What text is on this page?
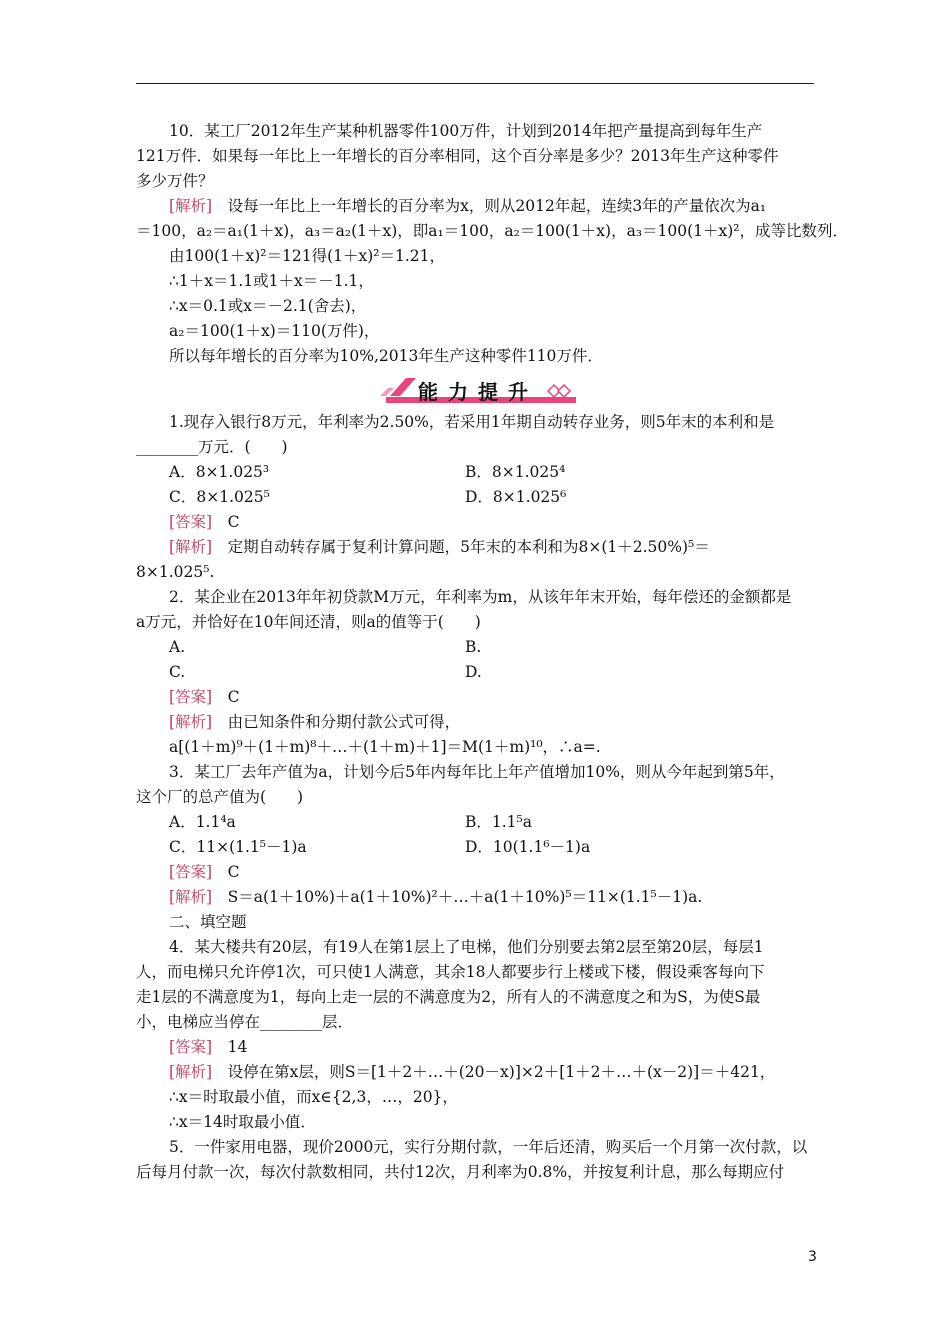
10．某工厂2012年生产某种机器零件100万件，计划到2014年把产量提高到每年生产
121万件．如果每一年比上一年增长的百分率相同，这个百分率是多少？2013年生产这种零件
多少万件？
[解析]　 设每一年比上一年增长的百分率为x，则从2012年起，连续3年的产量依次为a₁
＝100，a₂＝a₁(1＋x)，a₃＝a₂(1＋x)，即a₁＝100，a₂＝100(1＋x)，a₃＝100(1＋x)²，成等比数列．
由100(1＋x)²＝121得(1＋x)²＝1.21，
∴1＋x＝1.1或1＋x＝－1.1，
∴x＝0.1或x＝－2.1(舍去)，
a₂＝100(1＋x)＝110(万件)，
所以每年增长的百分率为10%,2013年生产这种零件110万件．
1.现存入银行8万元，年利率为2.50%，若采用1年期自动转存业务，则5年末的本利和是
________万元．(　　)
A．8×1.025³	B．8×1.025⁴
C．8×1.025⁵	D．8×1.025⁶
[答案]　 C
[解析]　 定期自动转存属于复利计算问题，5年末的本利和为8×(1＋2.50%)⁵＝
8×1.025⁵.
2．某企业在2013年年初贷款M万元，年利率为m，从该年年末开始，每年偿还的金额都是
a万元，并恰好在10年间还清，则a的值等于(　　)
A.	B.
C.	D.
[答案]　 C
[解析]　 由已知条件和分期付款公式可得，
a[(1＋m)⁹＋(1＋m)⁸＋…＋(1＋m)＋1]＝M(1＋m)¹⁰，∴a=.
3．某工厂去年产值为a，计划今后5年内每年比上年产值增加10%，则从今年起到第5年，
这个厂的总产值为(　　)
A．1.1⁴a	B．1.1⁵a
C．11×(1.1⁵－1)a	D．10(1.1⁶－1)a
[答案]　 C
[解析]　 S＝a(1＋10%)＋a(1＋10%)²＋…＋a(1＋10%)⁵＝11×(1.1⁵－1)a.
二、填空题
4．某大楼共有20层，有19人在第1层上了电梯，他们分别要去第2层至第20层，每层1
人，而电梯只允许停1次，可只使1人满意，其余18人都要步行上楼或下楼，假设乘客每向下
走1层的不满意度为1，每向上走一层的不满意度为2，所有人的不满意度之和为S，为使S最
小，电梯应当停在________层．
[答案]　 14
[解析]　 设停在第x层，则S＝[1＋2＋…＋(20－x)]×2＋[1＋2＋…＋(x－2)]＝＋421，
∴x＝时取最小值，而x∈{2,3，…，20}，
∴x＝14时取最小值．
5．一件家用电器，现价2000元，实行分期付款，一年后还清，购买后一个月第一次付款，以
后每月付款一次，每次付款数相同，共付12次，月利率为0.8%，并按复利计息，那么每期应付
能力提升
3
